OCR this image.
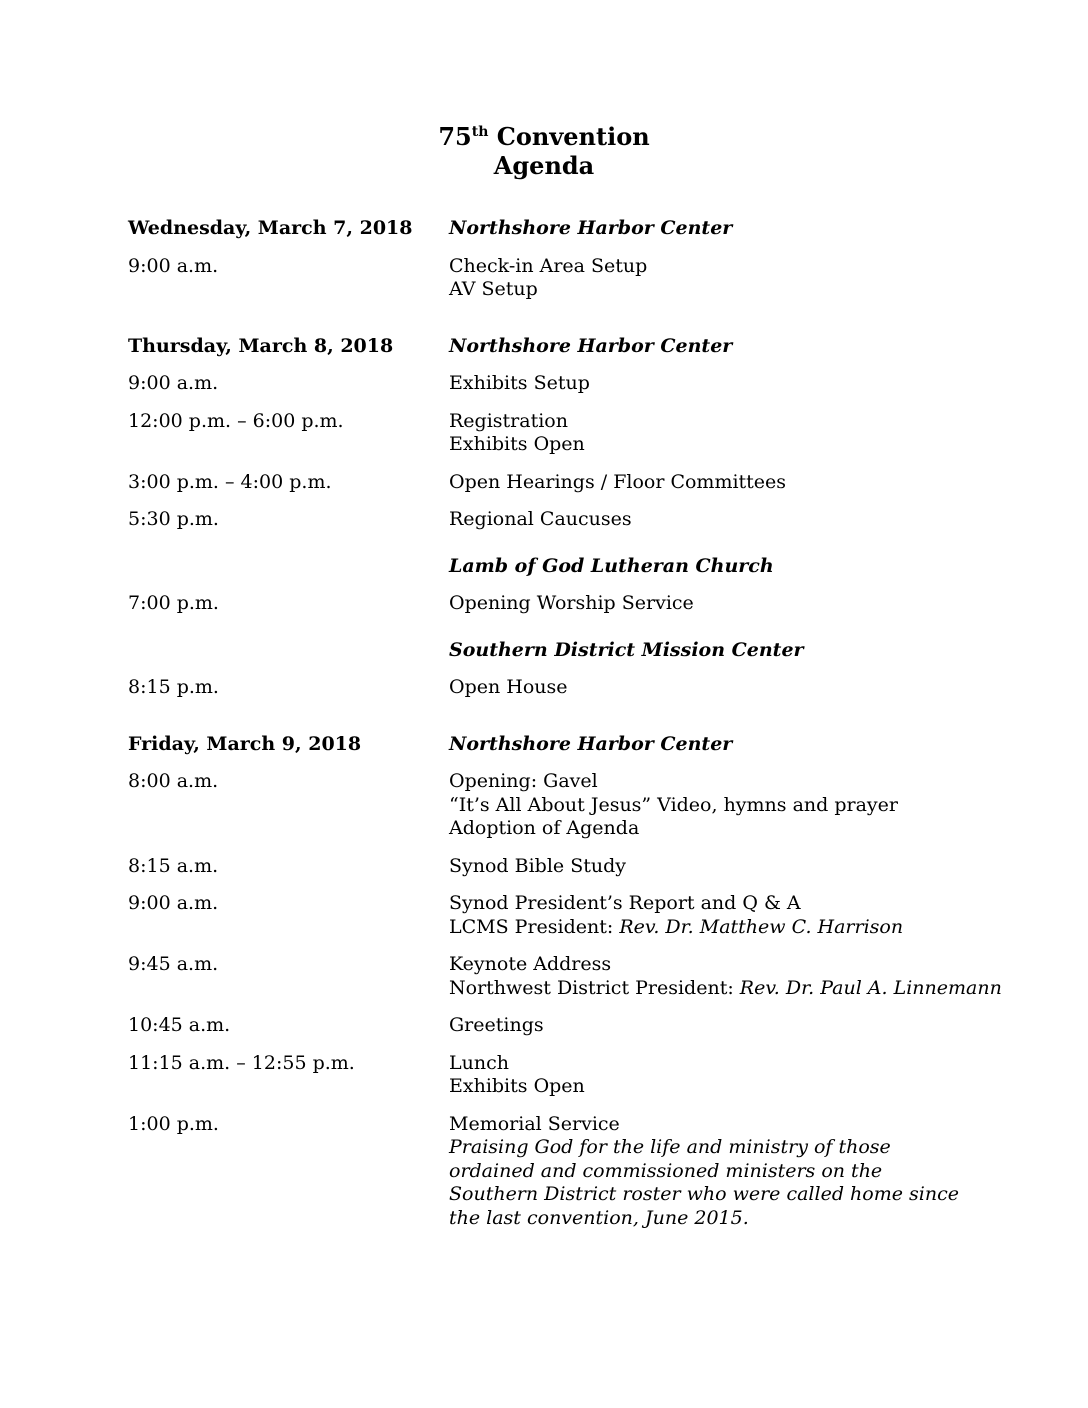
75th Convention
Agenda
Wednesday, March 7, 2018	Northshore Harbor Center
9:00 a.m.	Check-in Area Setup
AV Setup
Thursday, March 8, 2018	Northshore Harbor Center
9:00 a.m.	Exhibits Setup
12:00 p.m. – 6:00 p.m.	Registration
Exhibits Open
3:00 p.m. – 4:00 p.m.	Open Hearings / Floor Committees
5:30 p.m.	Regional Caucuses
Lamb of God Lutheran Church
7:00 p.m.	Opening Worship Service
Southern District Mission Center
8:15 p.m.	Open House
Friday, March 9, 2018	Northshore Harbor Center
8:00 a.m.	Opening: Gavel
“It’s All About Jesus” Video, hymns and prayer
Adoption of Agenda
8:15 a.m.	Synod Bible Study
9:00 a.m.	Synod President’s Report and Q & A
LCMS President: Rev. Dr. Matthew C. Harrison
9:45 a.m.	Keynote Address
Northwest District President: Rev. Dr. Paul A. Linnemann
10:45 a.m.	Greetings
11:15 a.m. – 12:55 p.m.	Lunch
Exhibits Open
1:00 p.m.	Memorial Service
Praising God for the life and ministry of those ordained and commissioned ministers on the Southern District roster who were called home since the last convention, June 2015.
